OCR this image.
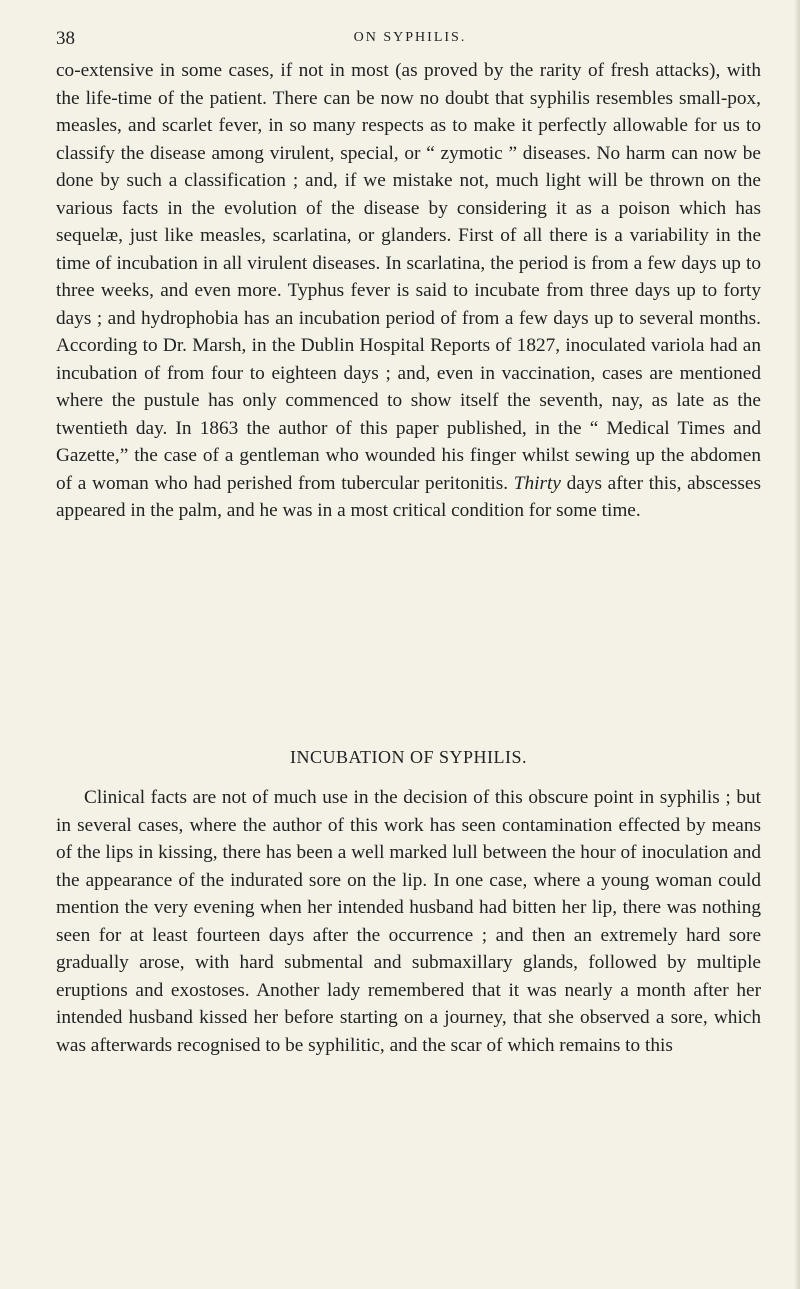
38	ON SYPHILIS.

co-extensive in some cases, if not in most (as proved by the rarity of fresh attacks), with the life-time of the patient. There can be now no doubt that syphilis resembles small-pox, measles, and scarlet fever, in so many respects as to make it perfectly allowable for us to classify the disease among virulent, special, or “ zymotic ” diseases. No harm can now be done by such a classification ; and, if we mistake not, much light will be thrown on the various facts in the evolution of the disease by considering it as a poison which has sequelæ, just like measles, scarlatina, or glanders. First of all there is a variability in the time of incubation in all virulent diseases. In scarlatina, the period is from a few days up to three weeks, and even more. Typhus fever is said to incubate from three days up to forty days ; and hydrophobia has an incubation period of from a few days up to several months. According to Dr. Marsh, in the Dublin Hospital Reports of 1827, inoculated variola had an incubation of from four to eighteen days ; and, even in vaccination, cases are mentioned where the pustule has only commenced to show itself the seventh, nay, as late as the twentieth day. In 1863 the author of this paper published, in the “ Medical Times and Gazette,” the case of a gentleman who wounded his finger whilst sewing up the abdomen of a woman who had perished from tubercular peritonitis. Thirty days after this, abscesses appeared in the palm, and he was in a most critical condition for some time.

INCUBATION OF SYPHILIS.

Clinical facts are not of much use in the decision of this obscure point in syphilis ; but in several cases, where the author of this work has seen contamination effected by means of the lips in kissing, there has been a well marked lull between the hour of inoculation and the appearance of the indurated sore on the lip. In one case, where a young woman could mention the very evening when her intended husband had bitten her lip, there was nothing seen for at least fourteen days after the occurrence ; and then an extremely hard sore gradually arose, with hard submental and submaxillary glands, followed by multiple eruptions and exostoses. Another lady remembered that it was nearly a month after her intended husband kissed her before starting on a journey, that she observed a sore, which was afterwards recognised to be syphilitic, and the scar of which remains to this
